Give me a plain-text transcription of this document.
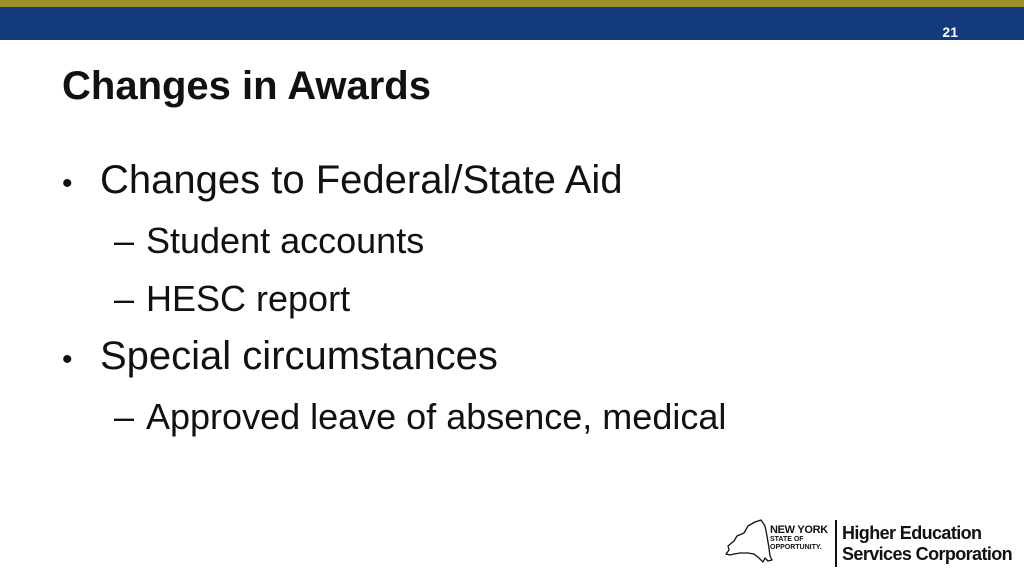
21
Changes in Awards
• Changes to Federal/State Aid
– Student accounts
– HESC report
• Special circumstances
– Approved leave of absence, medical
NEW YORK
STATE OF
OPPORTUNITY.
Higher Education
Services Corporation
